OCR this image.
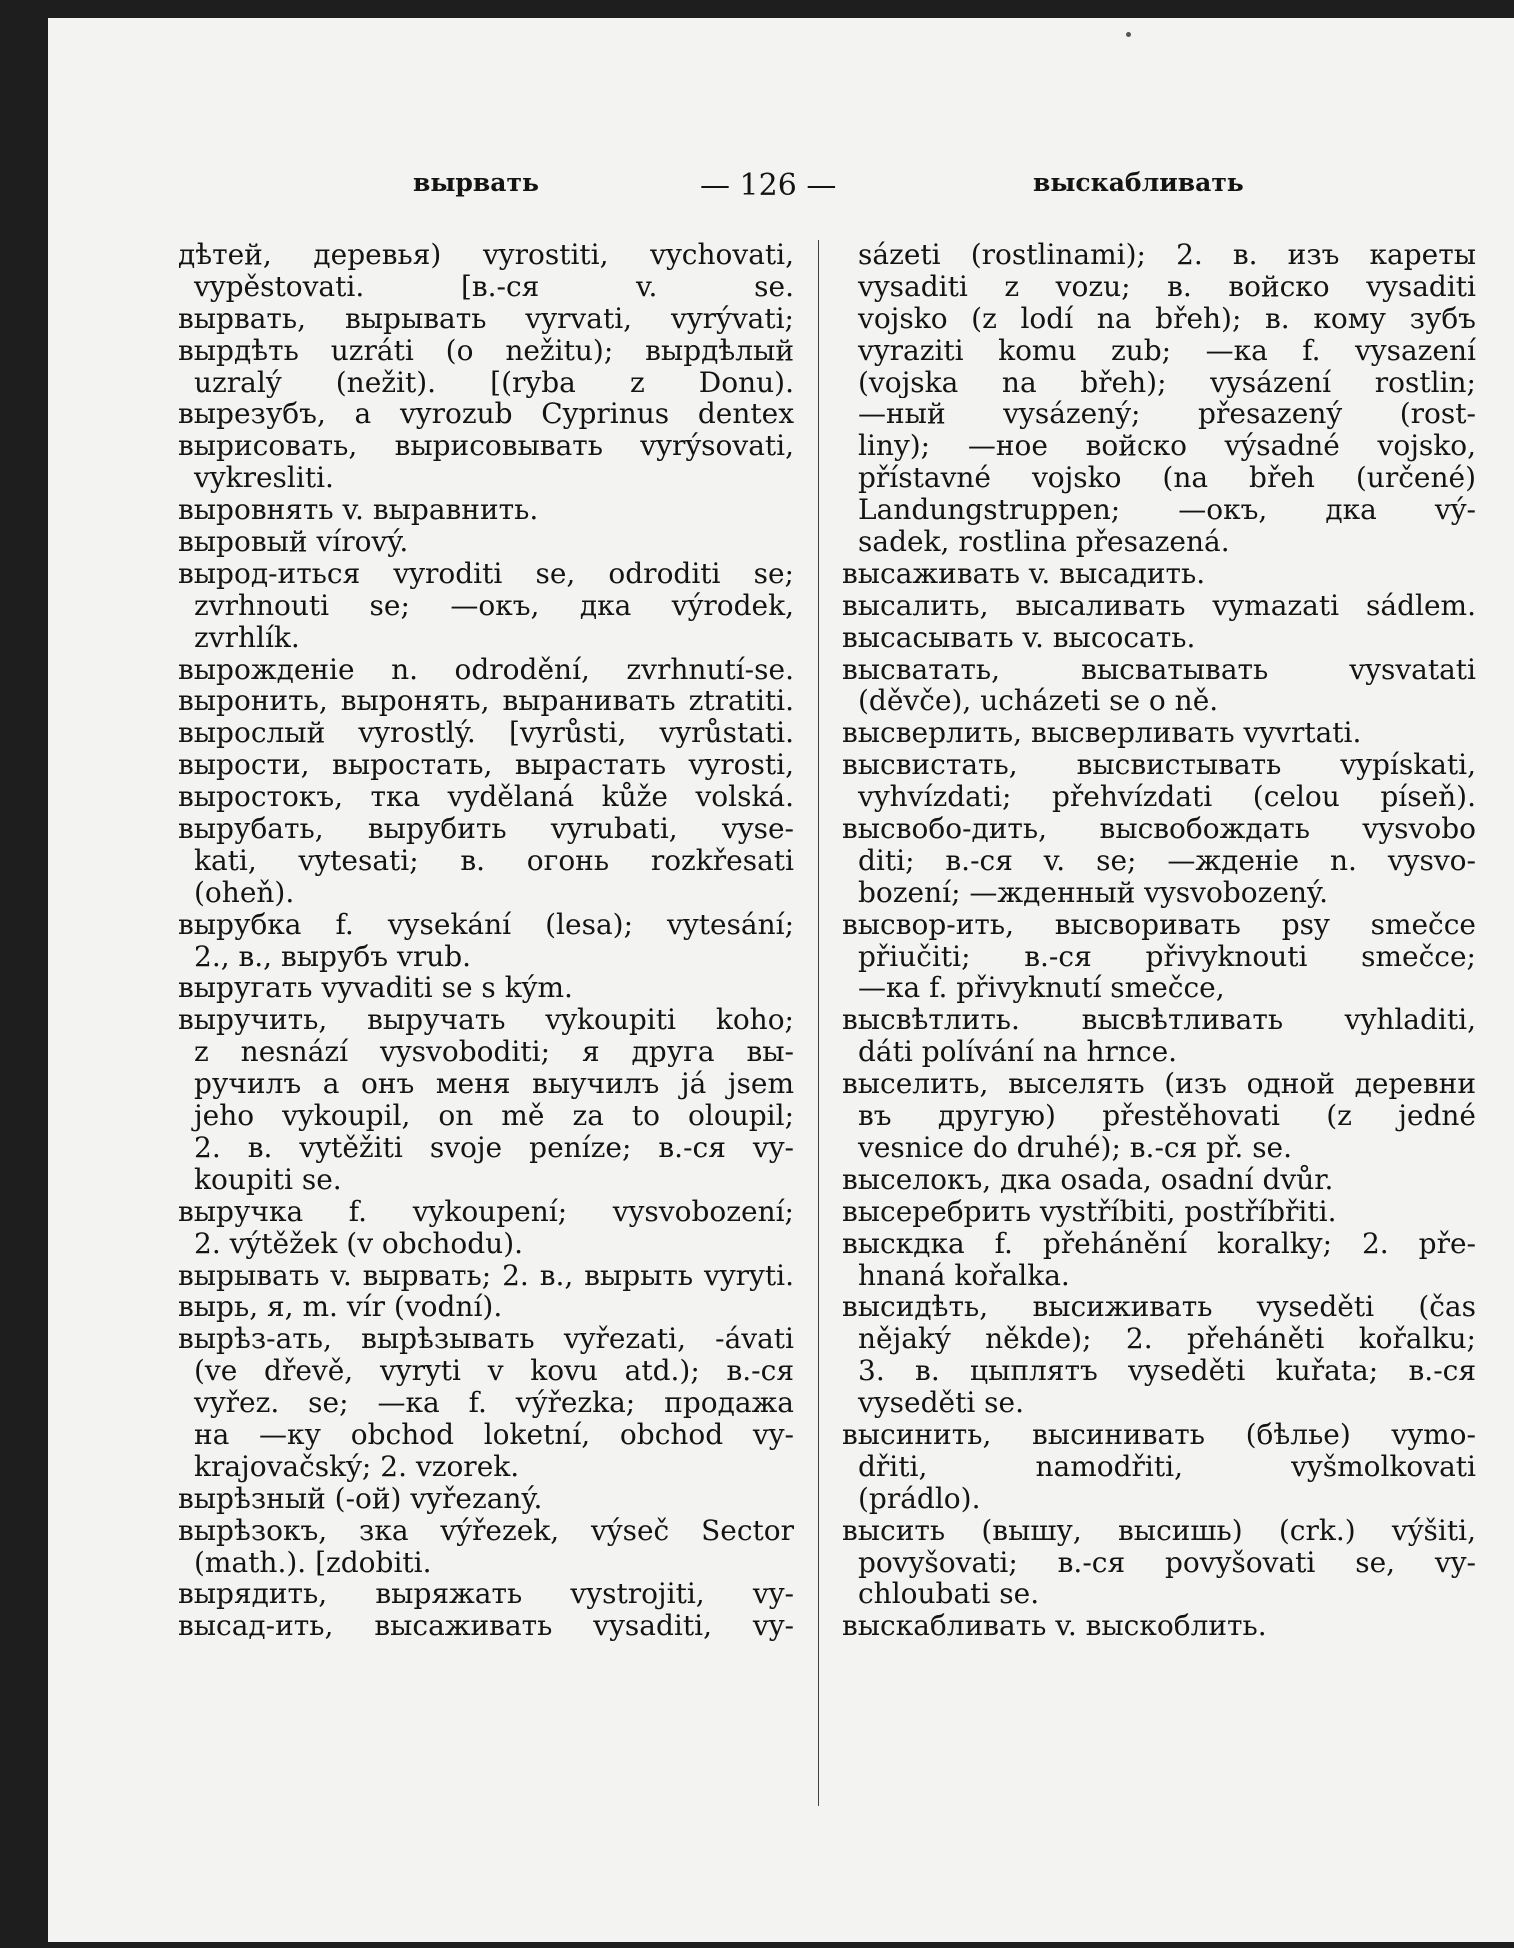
вырвать	— 126 —	выскабливать
дѣтей, деревья) vyrostiti, vychovati,
vypěstovati. [в.-ся v. se.
вырвать, вырывать vyrvati, vyrývati;
вырдѣть uzráti (o nežitu); вырдѣлый
uzralý (nežit). [(ryba z Donu).
вырезубъ, a vyrozub Cyprinus dentex
вырисовать, вырисовывать vyrýsovati,
vykresliti.
выровнять v. выравнить.
выровый vírový.
выpод-иться vyroditi se, odroditi se;
zvrhnouti se; —окъ, дка výrodek,
zvrhlík.
вырожденіе n. odrodění, zvrhnutí-se.
выронить, выронять, выранивать ztratiti.
выpослый vyrostlý. [vyrůsti, vyrůstati.
вырости, выростать, вырастать vyrosti,
выростокъ, тка vydělaná kůže volská.
вырубать, вырубить vyrubati, vyse-
kati, vytesati; в. огонь rozkřesati
(oheň).
вырубка f. vysekání (lesa); vytesání;
2., в., вырубъ vrub.
выругать vyvaditi se s kým.
выручить, выручать vykoupiti koho;
z nesnází vysvoboditi; я друга вы-
ручилъ а онъ меня выучилъ já jsem
jeho vykoupil, on mě za to oloupil;
2. в. vytěžiti svoje peníze; в.-ся vy-
koupiti se.
выручка f. vykoupení; vysvobození;
2. výtěžek (v obchodu).
вырывать v. вырвать; 2. в., вырыть vyryti.
вырь, я, m. vír (vodní).
вырѣз-ать, вырѣзывать vyřezati, -ávati
(ve dřevě, vyryti v kovu atd.); в.-ся
vyřez. se; —ка f. výřezka; продажа
на —ку obchod loketní, obchod vy-
krajovačský; 2. vzorek.
вырѣзный (-ой) vyřezaný.
вырѣзокъ, зка výřezek, výseč Sector
(math.). [zdobiti.
вырядить, выряжать vystrojiti, vy-
высад-ить, высаживать vysaditi, vy-
sázeti (rostlinami); 2. в. изъ кареты
vysaditi z vozu; в. войско vysaditi
vojsko (z lodí na břeh); в. кому зубъ
vyraziti komu zub; —ка f. vysazení
(vojska na břeh); vysázení rostlin;
—ный vysázený; přesazený (rost-
liny); —ное войско výsadné vojsko,
přístavné vojsko (na břeh (určené)
Landungstruppen; —окъ, дка vý-
sadek, rostlina přesazená.
высаживать v. высадить.
высалить, высаливать vymazati sádlem.
высасывать v. высосать.
высватать, высватывать vysvatati
(děvče), ucházeti se o ně.
высверлить, высверливать vyvrtati.
высвистать, высвистывать vypískati,
vyhvízdati; přehvízdati (celou píseň).
высвобо-дить, высвобождать vysvobo
diti; в.-ся v. se; —жденіе n. vysvo-
bození; —жденный vysvobozený.
высвор-ить, высворивать psy smečce
přiučiti; в.-ся přivyknouti smečce;
—ка f. přivyknutí smečce,
высвѣтлить. высвѣтливать vyhladiti,
dáti polívání na hrnce.
выселить, выселять (изъ одной деревни
въ другую) přestěhovati (z jedné
vesnice do druhé); в.-ся př. se.
выселокъ, дка osada, osadní dvůr.
высеребрить vystříbiti, postříbřiti.
выскдка f. přehánění koralky; 2. pře-
hnaná kořalka.
высидѣть, высиживать vyseděti (čas
nějaký někde); 2. přeháněti kořalku;
3. в. цыплятъ vyseděti kuřata; в.-ся
vyseděti se.
высинить, высинивать (бѣлье) vymo-
dřiti, namodřiti, vyšmolkovati
(prádlo).
высить (вышу, высишь) (crk.) výšiti,
povyšovati; в.-ся povyšovati se, vy-
chloubati se.
выскабливать v. выскоблить.
